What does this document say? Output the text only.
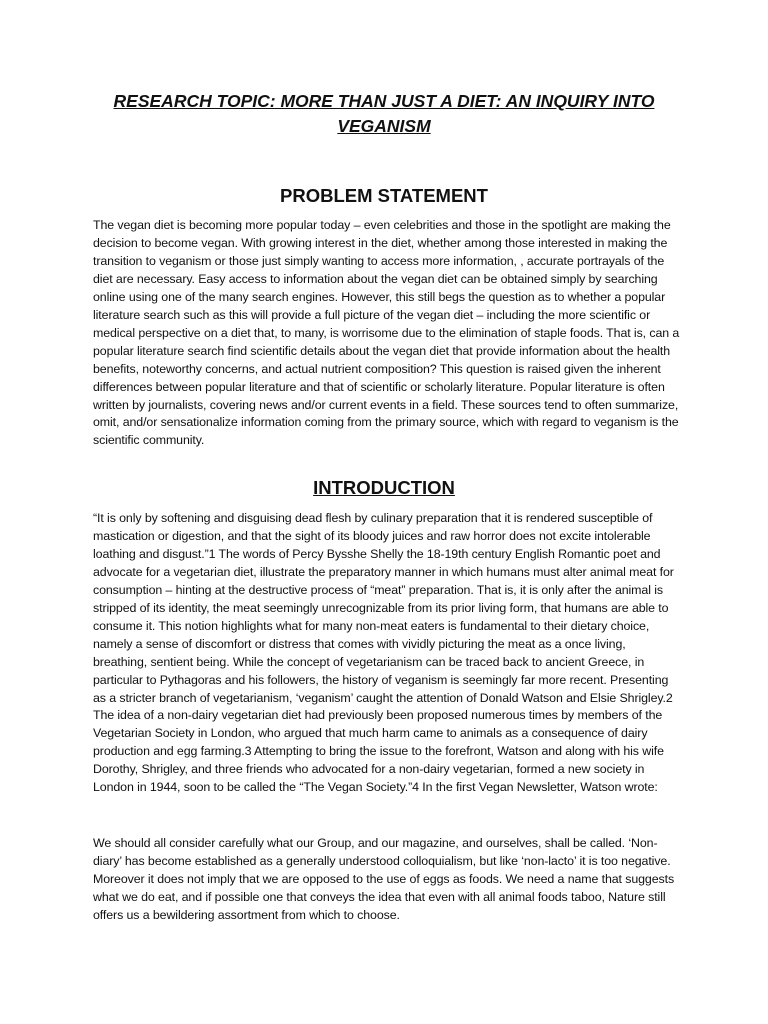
RESEARCH TOPIC: MORE THAN JUST A DIET: AN INQUIRY INTO VEGANISM
PROBLEM STATEMENT

The vegan diet is becoming more popular today – even celebrities and those in the spotlight are making the decision to become vegan. With growing interest in the diet, whether among those interested in making the transition to veganism or those just simply wanting to access more information, , accurate portrayals of the diet are necessary. Easy access to information about the vegan diet can be obtained simply by searching online using one of the many search engines. However, this still begs the question as to whether a popular literature search such as this will provide a full picture of the vegan diet – including the more scientific or medical perspective on a diet that, to many, is worrisome due to the elimination of staple foods. That is, can a popular literature search find scientific details about the vegan diet that provide information about the health benefits, noteworthy concerns, and actual nutrient composition? This question is raised given the inherent differences between popular literature and that of scientific or scholarly literature. Popular literature is often written by journalists, covering news and/or current events in a field. These sources tend to often summarize, omit, and/or sensationalize information coming from the primary source, which with regard to veganism is the scientific community.

INTRODUCTION

“It is only by softening and disguising dead flesh by culinary preparation that it is rendered susceptible of mastication or digestion, and that the sight of its bloody juices and raw horror does not excite intolerable loathing and disgust.”1 The words of Percy Bysshe Shelly the 18-19th century English Romantic poet and advocate for a vegetarian diet, illustrate the preparatory manner in which humans must alter animal meat for consumption – hinting at the destructive process of “meat” preparation. That is, it is only after the animal is stripped of its identity, the meat seemingly unrecognizable from its prior living form, that humans are able to consume it. This notion highlights what for many non-meat eaters is fundamental to their dietary choice, namely a sense of discomfort or distress that comes with vividly picturing the meat as a once living, breathing, sentient being. While the concept of vegetarianism can be traced back to ancient Greece, in particular to Pythagoras and his followers, the history of veganism is seemingly far more recent. Presenting as a stricter branch of vegetarianism, ‘veganism’ caught the attention of Donald Watson and Elsie Shrigley.2 The idea of a non-dairy vegetarian diet had previously been proposed numerous times by members of the Vegetarian Society in London, who argued that much harm came to animals as a consequence of dairy production and egg farming.3 Attempting to bring the issue to the forefront, Watson and along with his wife Dorothy, Shrigley, and three friends who advocated for a non-dairy vegetarian, formed a new society in London in 1944, soon to be called the “The Vegan Society.”4 In the first Vegan Newsletter, Watson wrote:

We should all consider carefully what our Group, and our magazine, and ourselves, shall be called. ‘Non-diary’ has become established as a generally understood colloquialism, but like ‘non-lacto’ it is too negative. Moreover it does not imply that we are opposed to the use of eggs as foods. We need a name that suggests what we do eat, and if possible one that conveys the idea that even with all animal foods taboo, Nature still offers us a bewildering assortment from which to choose.
